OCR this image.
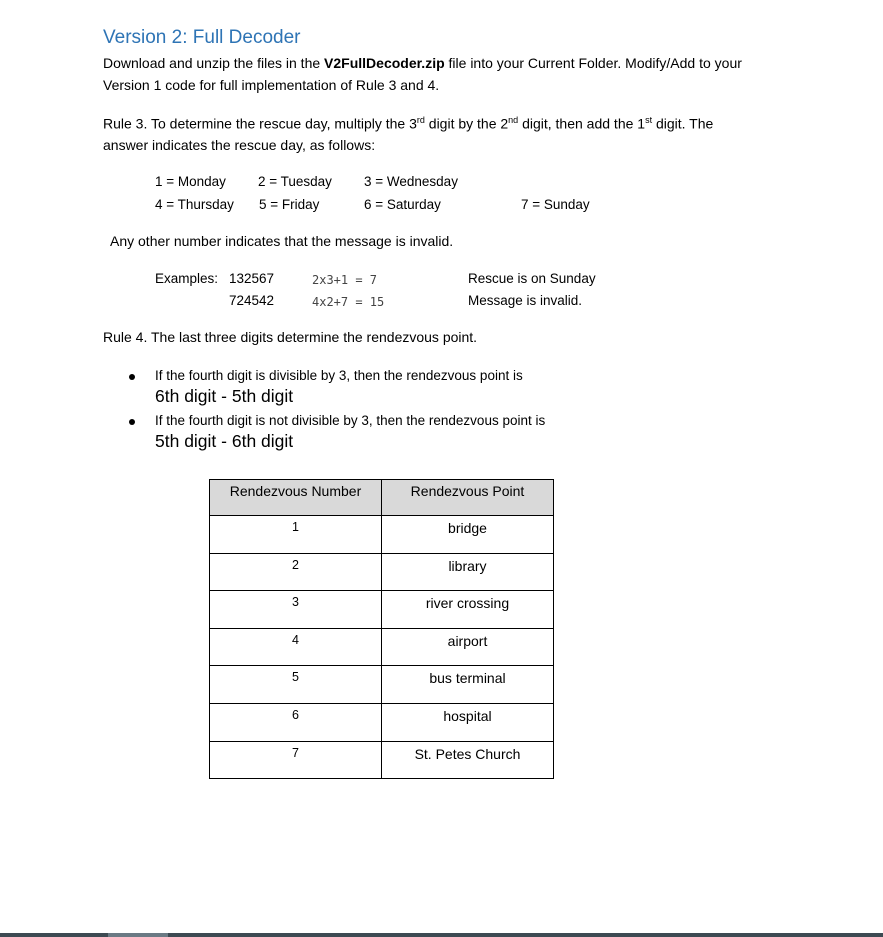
Version 2: Full Decoder
Download and unzip the files in the V2FullDecoder.zip file into your Current Folder. Modify/Add to your
Version 1 code for full implementation of Rule 3 and 4.
Rule 3. To determine the rescue day, multiply the 3rd digit by the 2nd digit, then add the 1st digit. The
answer indicates the rescue day, as follows:
1 = Monday 2 = Tuesday 3 = Wednesday
4 = Thursday 5 = Friday	6 = Saturday	7 = Sunday
Any other number indicates that the message is invalid.
Examples: 132567	2x3+1 = 7	Rescue is on Sunday
724542	4x2+7 = 15	Message is invalid.
Rule 4. The last three digits determine the rendezvous point.
If the fourth digit is divisible by 3, then the rendezvous point is
6th digit - 5th digit
If the fourth digit is not divisible by 3, then the rendezvous point is
5th digit - 6th digit
Rendezvous Number	Rendezvous Point
1	bridge
2	library
3	river crossing
4	airport
5	bus terminal
6	hospital
7	St. Petes Church
